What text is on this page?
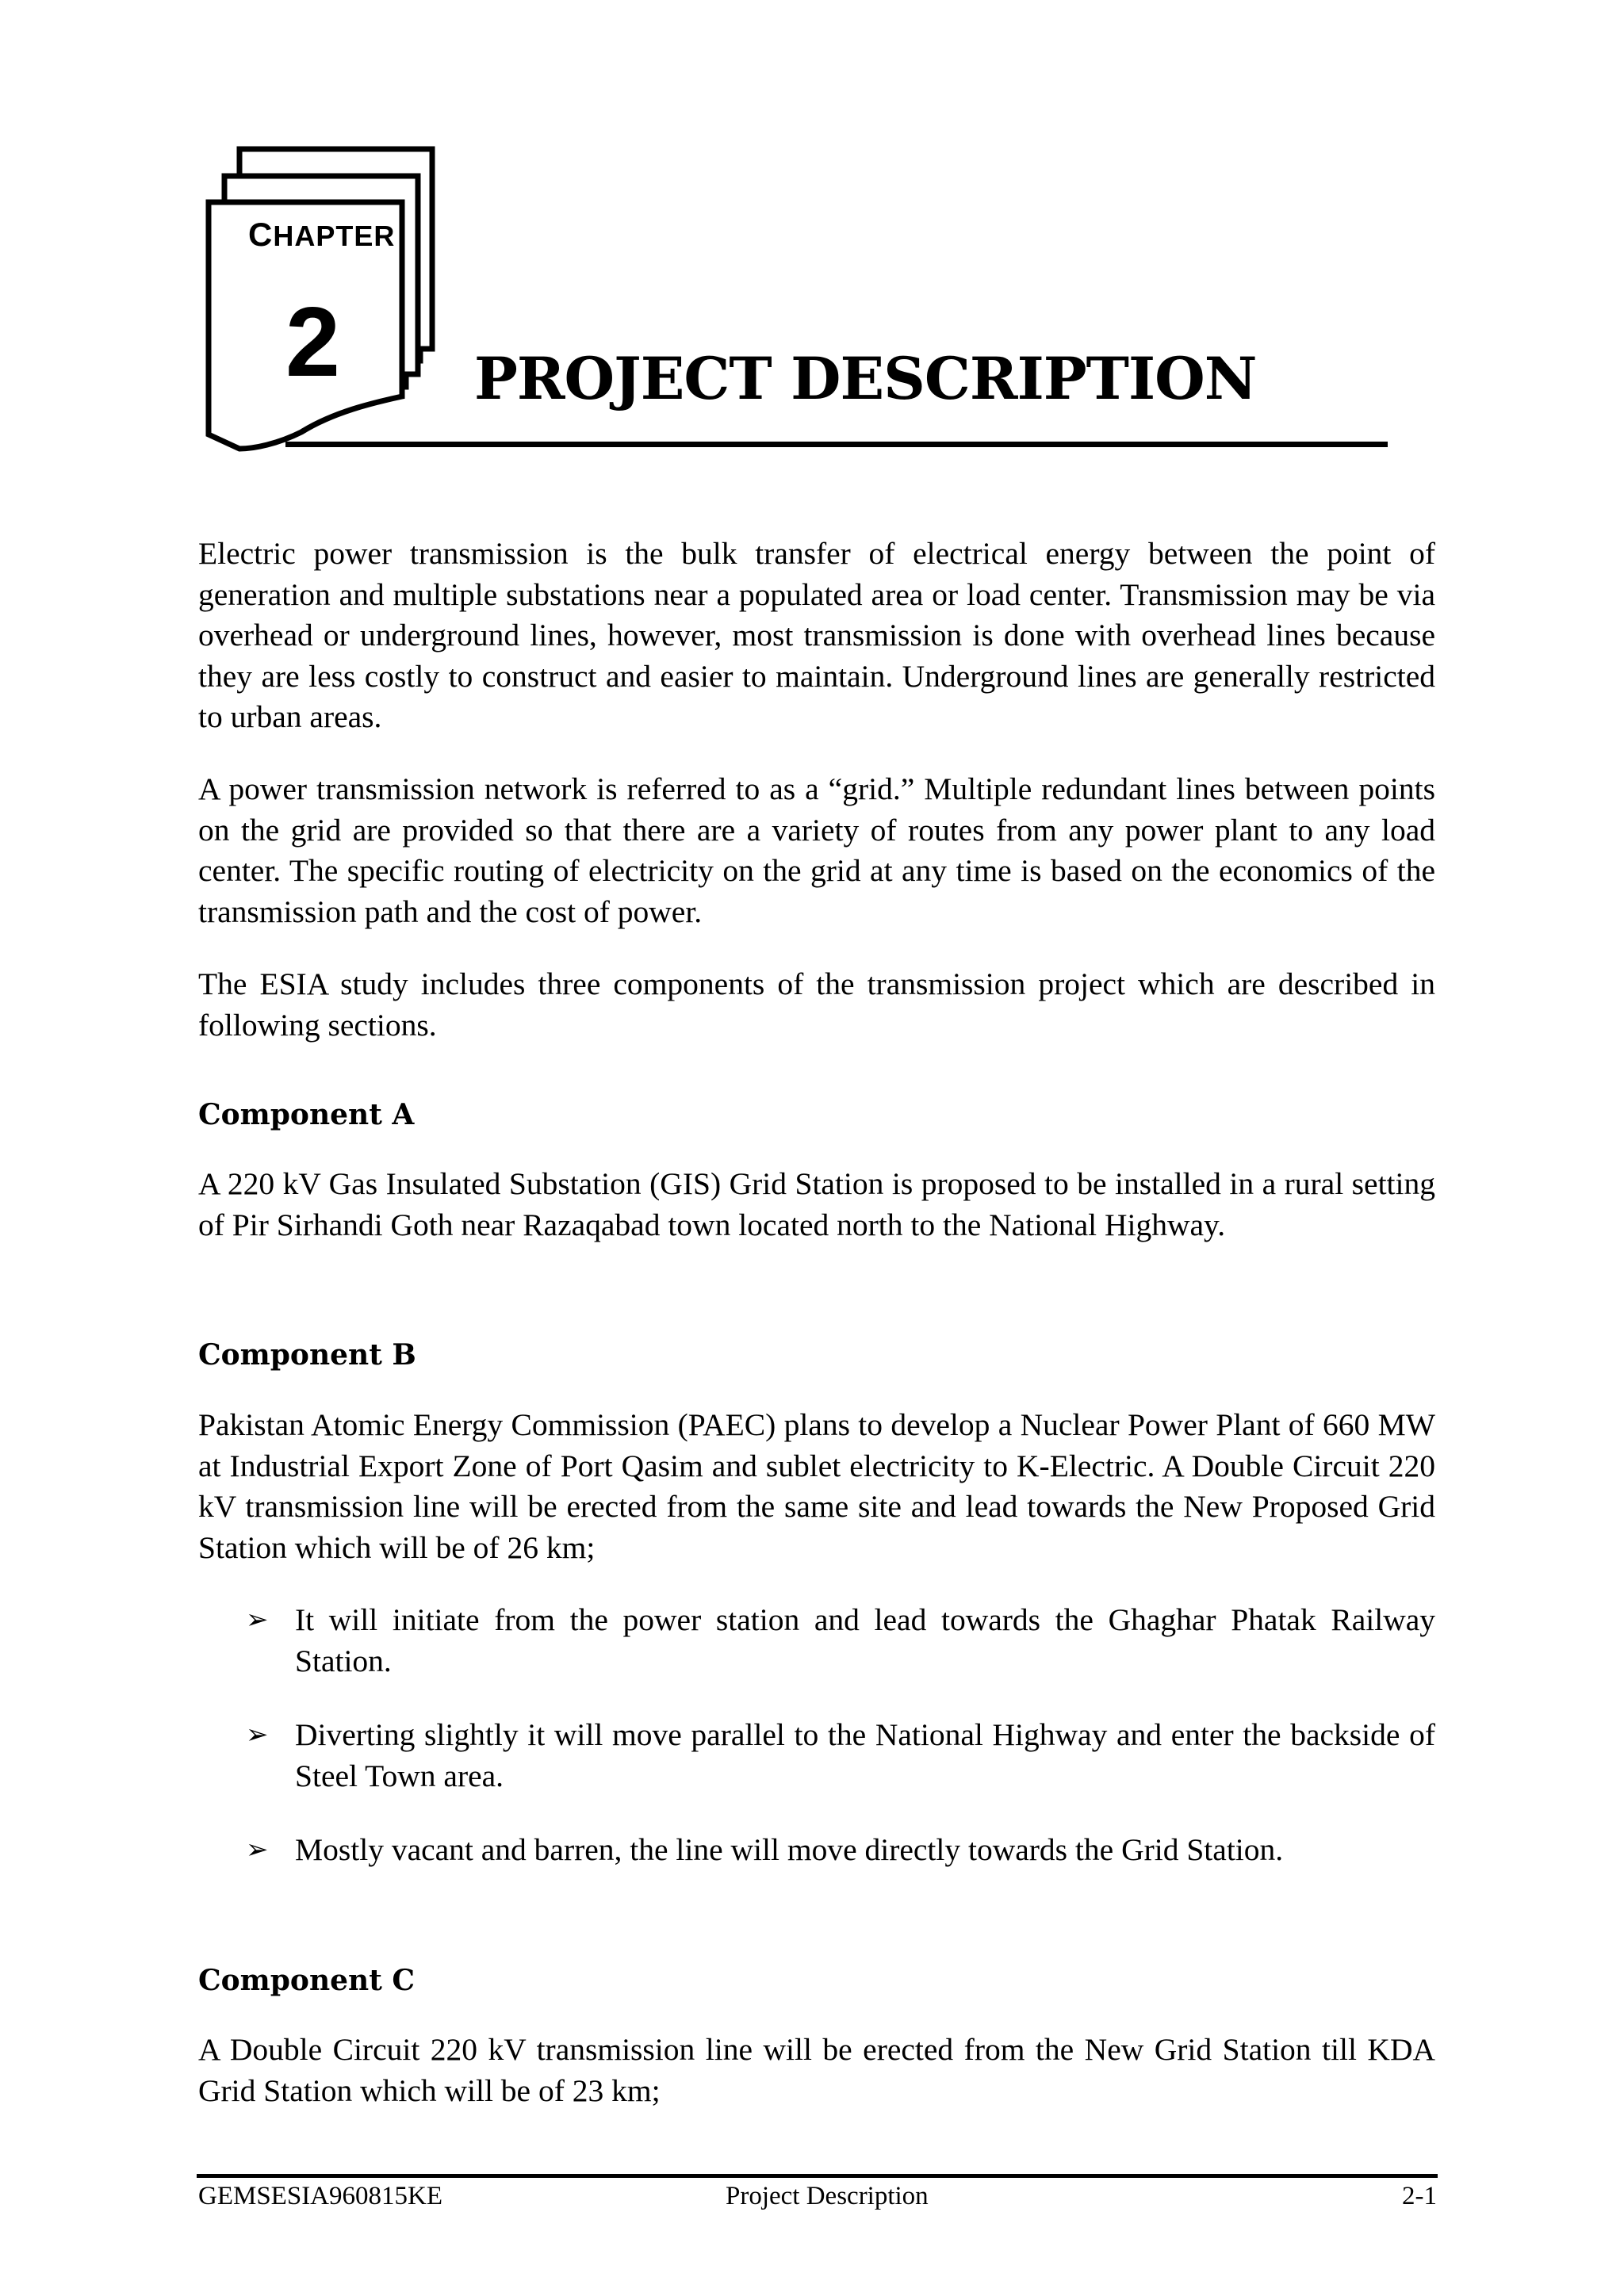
CHAPTER
2 PROJECT DESCRIPTION

Electric power transmission is the bulk transfer of electrical energy between the point of generation and multiple substations near a populated area or load center. Transmission may be via overhead or underground lines, however, most transmission is done with overhead lines because they are less costly to construct and easier to maintain. Underground lines are generally restricted to urban areas.

A power transmission network is referred to as a “grid.” Multiple redundant lines between points on the grid are provided so that there are a variety of routes from any power plant to any load center. The specific routing of electricity on the grid at any time is based on the economics of the transmission path and the cost of power.

The ESIA study includes three components of the transmission project which are described in following sections.

Component A

A 220 kV Gas Insulated Substation (GIS) Grid Station is proposed to be installed in a rural setting of Pir Sirhandi Goth near Razaqabad town located north to the National Highway.

Component B

Pakistan Atomic Energy Commission (PAEC) plans to develop a Nuclear Power Plant of 660 MW at Industrial Export Zone of Port Qasim and sublet electricity to K-Electric. A Double Circuit 220 kV transmission line will be erected from the same site and lead towards the New Proposed Grid Station which will be of 26 km;

➢ It will initiate from the power station and lead towards the Ghaghar Phatak Railway Station.

➢ Diverting slightly it will move parallel to the National Highway and enter the backside of Steel Town area.

➢ Mostly vacant and barren, the line will move directly towards the Grid Station.

Component C

A Double Circuit 220 kV transmission line will be erected from the New Grid Station till KDA Grid Station which will be of 23 km;

GEMSESIA960815KE	Project Description	2-1
